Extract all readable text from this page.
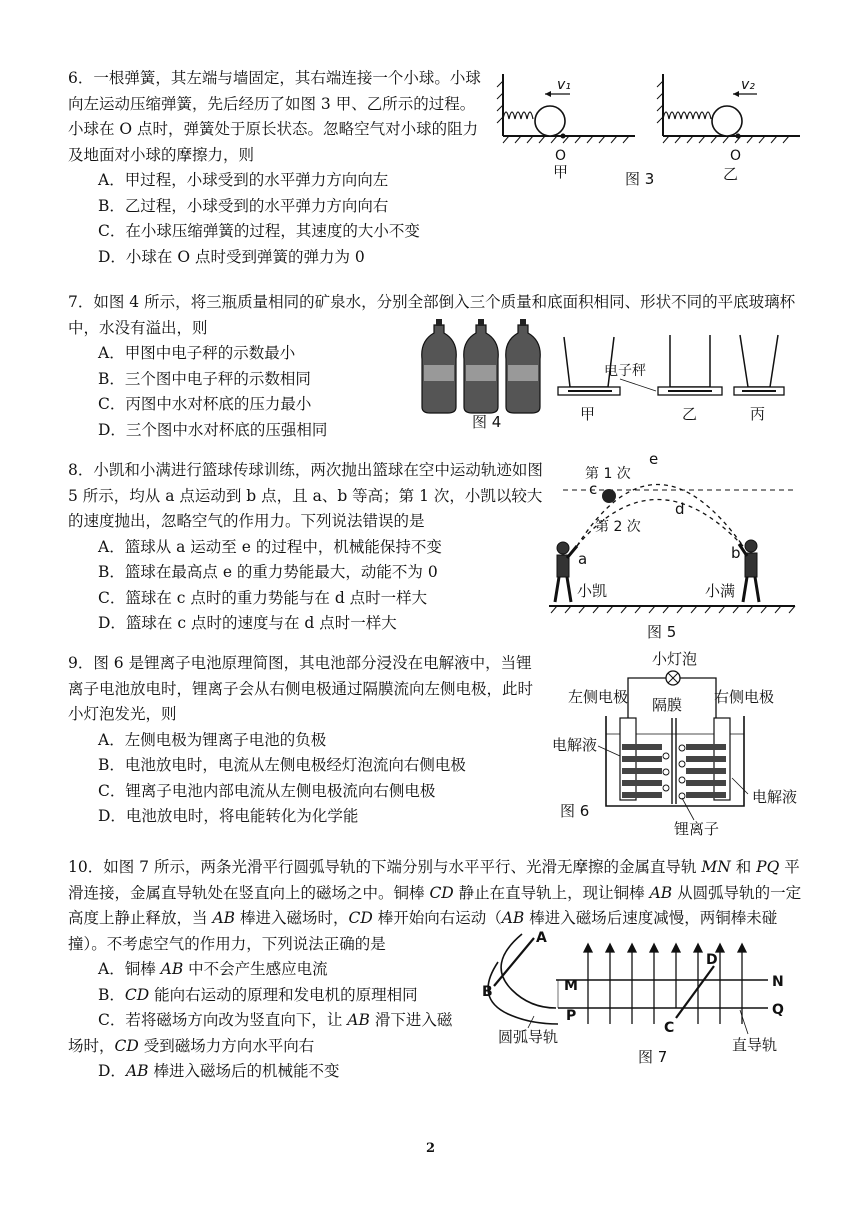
6．一根弹簧，其左端与墙固定，其右端连接一个小球。小球向左运动压缩弹簧，先后经历了如图 3 甲、乙所示的过程。小球在 O 点时，弹簧处于原长状态。忽略空气对小球的阻力及地面对小球的摩擦力，则

A．甲过程，小球受到的水平弹力方向向左

B．乙过程，小球受到的水平弹力方向向右

C．在小球压缩弹簧的过程，其速度的大小不变

D．小球在 O 点时受到弹簧的弹力为 0

v₁
O
甲	图 3
v₂
O
乙

7．如图 4 所示，将三瓶质量相同的矿泉水，分别全部倒入三个质量和底面积相同、形状不同的平底玻璃杯中，水没有溢出，则

A．甲图中电子秤的示数最小

B．三个图中电子秤的示数相同

C．丙图中水对杯底的压力最小

D．三个图中水对杯底的压强相同	图 4	甲
电子秤
乙	丙

8．小凯和小满进行篮球传球训练，两次抛出篮球在空中运动轨迹如图 5 所示，均从 a 点运动到 b 点，且 a、b 等高；第 1 次，小凯以较大的速度抛出，忽略空气的作用力。下列说法错误的是

A．篮球从 a 运动至 e 的过程中，机械能保持不变

B．篮球在最高点 e 的重力势能最大，动能不为 0

C．篮球在 c 点时的重力势能与在 d 点时一样大

D．篮球在 c 点时的速度与在 d 点时一样大

第 1 次
第 2 次
e
c
d
a	b
小凯	小满
图 5

9．图 6 是锂离子电池原理简图，其电池部分浸没在电解液中，当锂离子电池放电时，锂离子会从右侧电极通过隔膜流向左侧电极，此时小灯泡发光，则

A．左侧电极为锂离子电池的负极

B．电池放电时，电流从左侧电极经灯泡流向右侧电极

C．锂离子电池内部电流从左侧电极流向右侧电极

D．电池放电时，将电能转化为化学能

小灯泡
左侧电极 隔膜 右侧电极
电解液
电解液
图 6
锂离子

10．如图 7 所示，两条光滑平行圆弧导轨的下端分别与水平平行、光滑无摩擦的金属直导轨 MN 和 PQ 平滑连接，金属直导轨处在竖直向上的磁场之中。铜棒 CD 静止在直导轨上，现让铜棒 AB 从圆弧导轨的一定高度上静止释放，当 AB 棒进入磁场时，CD 棒开始向右运动（AB 棒进入磁场后速度减慢，两铜棒未碰撞）。不考虑空气的作用力，下列说法正确的是

A．铜棒 AB 中不会产生感应电流

B．CD 能向右运动的原理和发电机的原理相同

C．若将磁场方向改为竖直向下，让 AB 滑下进入磁

场时，CD 受到磁场力方向水平向右

D．AB 棒进入磁场后的机械能不变

A
B
D
C
M
P
N
Q
圆弧导轨
图 7
直导轨
2
